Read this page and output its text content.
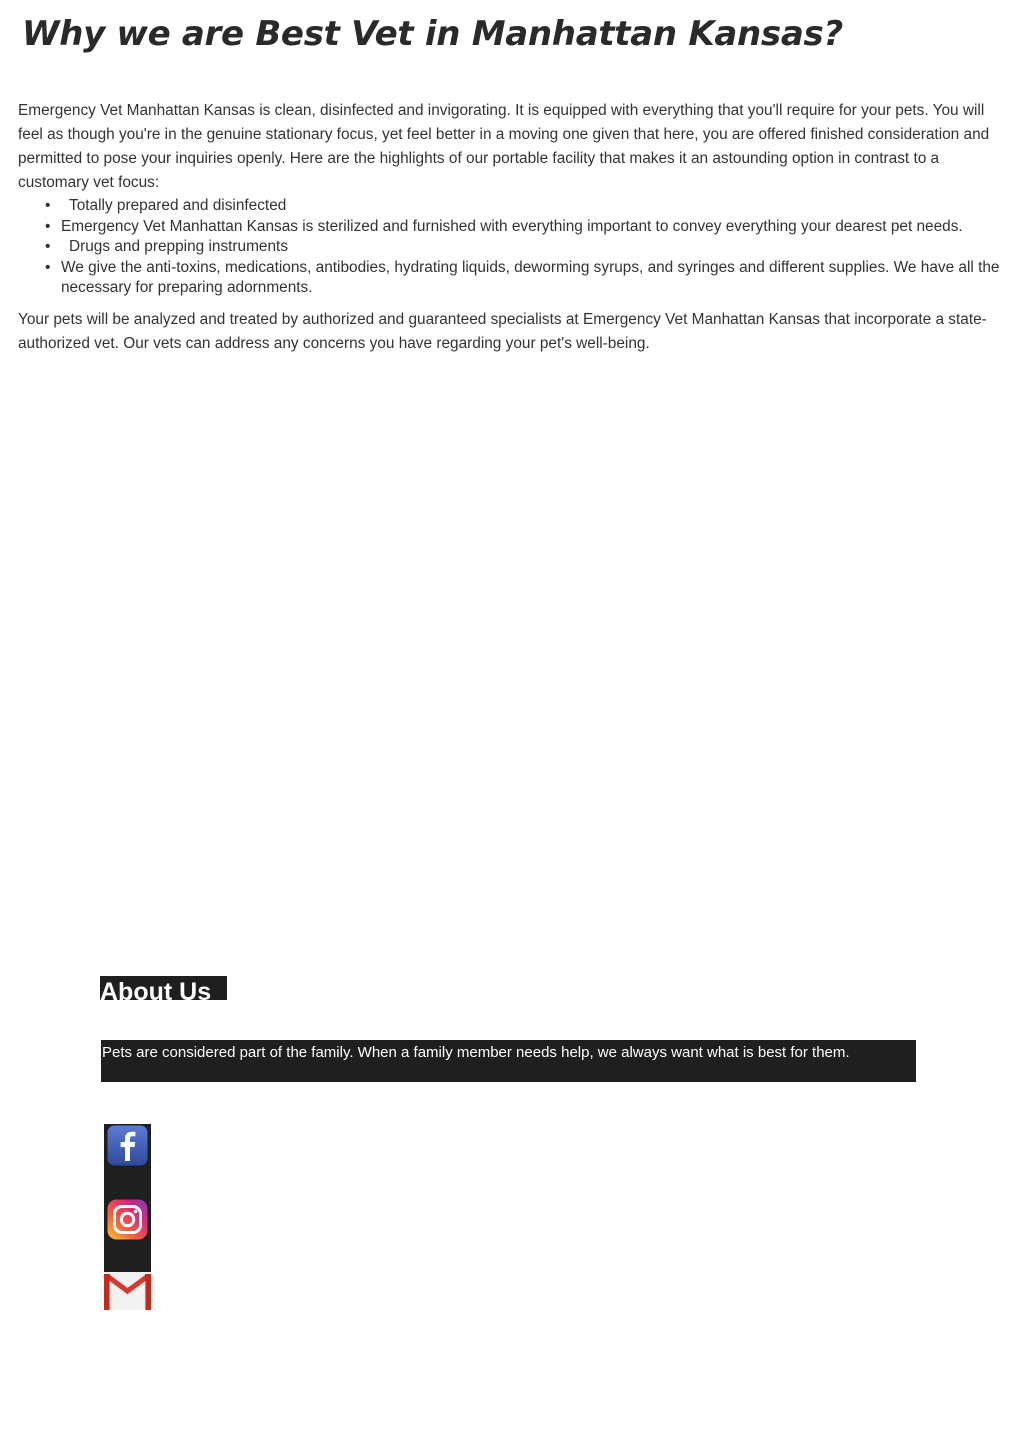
Why we are Best Vet in Manhattan Kansas?

Emergency Vet Manhattan Kansas is clean, disinfected and invigorating. It is equipped with everything that you'll require for your pets. You will feel as though you're in the genuine stationary focus, yet feel better in a moving one given that here, you are offered finished consideration and permitted to pose your inquiries openly. Here are the highlights of our portable facility that makes it an astounding option in contrast to a customary vet focus:

• Totally prepared and disinfected
• Emergency Vet Manhattan Kansas is sterilized and furnished with everything important to convey everything your dearest pet needs.
• Drugs and prepping instruments
• We give the anti-toxins, medications, antibodies, hydrating liquids, deworming syrups, and syringes and different supplies. We have all the necessary for preparing adornments.

Your pets will be analyzed and treated by authorized and guaranteed specialists at Emergency Vet Manhattan Kansas that incorporate a state-authorized vet. Our vets can address any concerns you have regarding your pet's well-being.

About Us
Pets are considered part of the family. When a family member needs help, we always want what is best for them.
